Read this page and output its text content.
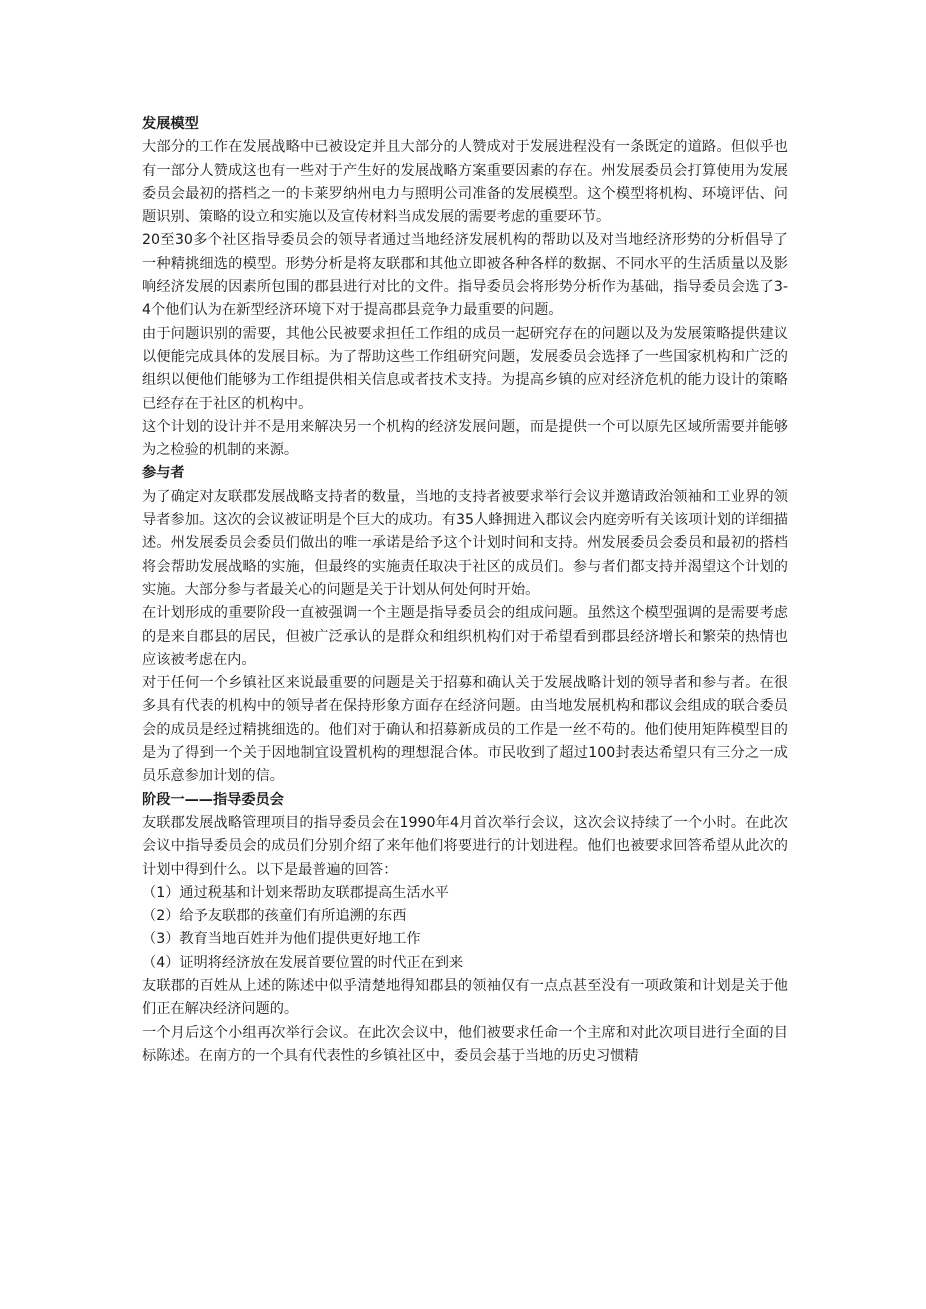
发展模型

大部分的工作在发展战略中已被设定并且大部分的人赞成对于发展进程没有一条既定的道路。但似乎也有一部分人赞成这也有一些对于产生好的发展战略方案重要因素的存在。州发展委员会打算使用为发展委员会最初的搭档之一的卡莱罗纳州电力与照明公司准备的发展模型。这个模型将机构、环境评估、问题识别、策略的设立和实施以及宣传材料当成发展的需要考虑的重要环节。

20至30多个社区指导委员会的领导者通过当地经济发展机构的帮助以及对当地经济形势的分析倡导了一种精挑细选的模型。形势分析是将友联郡和其他立即被各种各样的数据、不同水平的生活质量以及影响经济发展的因素所包围的郡县进行对比的文件。指导委员会将形势分析作为基础，指导委员会选了3-4个他们认为在新型经济环境下对于提高郡县竞争力最重要的问题。

由于问题识别的需要，其他公民被要求担任工作组的成员一起研究存在的问题以及为发展策略提供建议以便能完成具体的发展目标。为了帮助这些工作组研究问题，发展委员会选择了一些国家机构和广泛的组织以便他们能够为工作组提供相关信息或者技术支持。为提高乡镇的应对经济危机的能力设计的策略已经存在于社区的机构中。

这个计划的设计并不是用来解决另一个机构的经济发展问题，而是提供一个可以原先区域所需要并能够为之检验的机制的来源。

参与者

为了确定对友联郡发展战略支持者的数量，当地的支持者被要求举行会议并邀请政治领袖和工业界的领导者参加。这次的会议被证明是个巨大的成功。有35人蜂拥进入郡议会内庭旁听有关该项计划的详细描述。州发展委员会委员们做出的唯一承诺是给予这个计划时间和支持。州发展委员会委员和最初的搭档将会帮助发展战略的实施，但最终的实施责任取决于社区的成员们。参与者们都支持并渴望这个计划的实施。大部分参与者最关心的问题是关于计划从何处何时开始。

在计划形成的重要阶段一直被强调一个主题是指导委员会的组成问题。虽然这个模型强调的是需要考虑的是来自郡县的居民，但被广泛承认的是群众和组织机构们对于希望看到郡县经济增长和繁荣的热情也应该被考虑在内。

对于任何一个乡镇社区来说最重要的问题是关于招募和确认关于发展战略计划的领导者和参与者。在很多具有代表的机构中的领导者在保持形象方面存在经济问题。由当地发展机构和郡议会组成的联合委员会的成员是经过精挑细选的。他们对于确认和招募新成员的工作是一丝不苟的。他们使用矩阵模型目的是为了得到一个关于因地制宜设置机构的理想混合体。市民收到了超过100封表达希望只有三分之一成员乐意参加计划的信。

阶段一——指导委员会

友联郡发展战略管理项目的指导委员会在1990年4月首次举行会议，这次会议持续了一个小时。在此次会议中指导委员会的成员们分别介绍了来年他们将要进行的计划进程。他们也被要求回答希望从此次的计划中得到什么。以下是最普遍的回答：

（1）通过税基和计划来帮助友联郡提高生活水平

（2）给予友联郡的孩童们有所追溯的东西

（3）教育当地百姓并为他们提供更好地工作

（4）证明将经济放在发展首要位置的时代正在到来

友联郡的百姓从上述的陈述中似乎清楚地得知郡县的领袖仅有一点点甚至没有一项政策和计划是关于他们正在解决经济问题的。

一个月后这个小组再次举行会议。在此次会议中，他们被要求任命一个主席和对此次项目进行全面的目标陈述。在南方的一个具有代表性的乡镇社区中，委员会基于当地的历史习惯精
